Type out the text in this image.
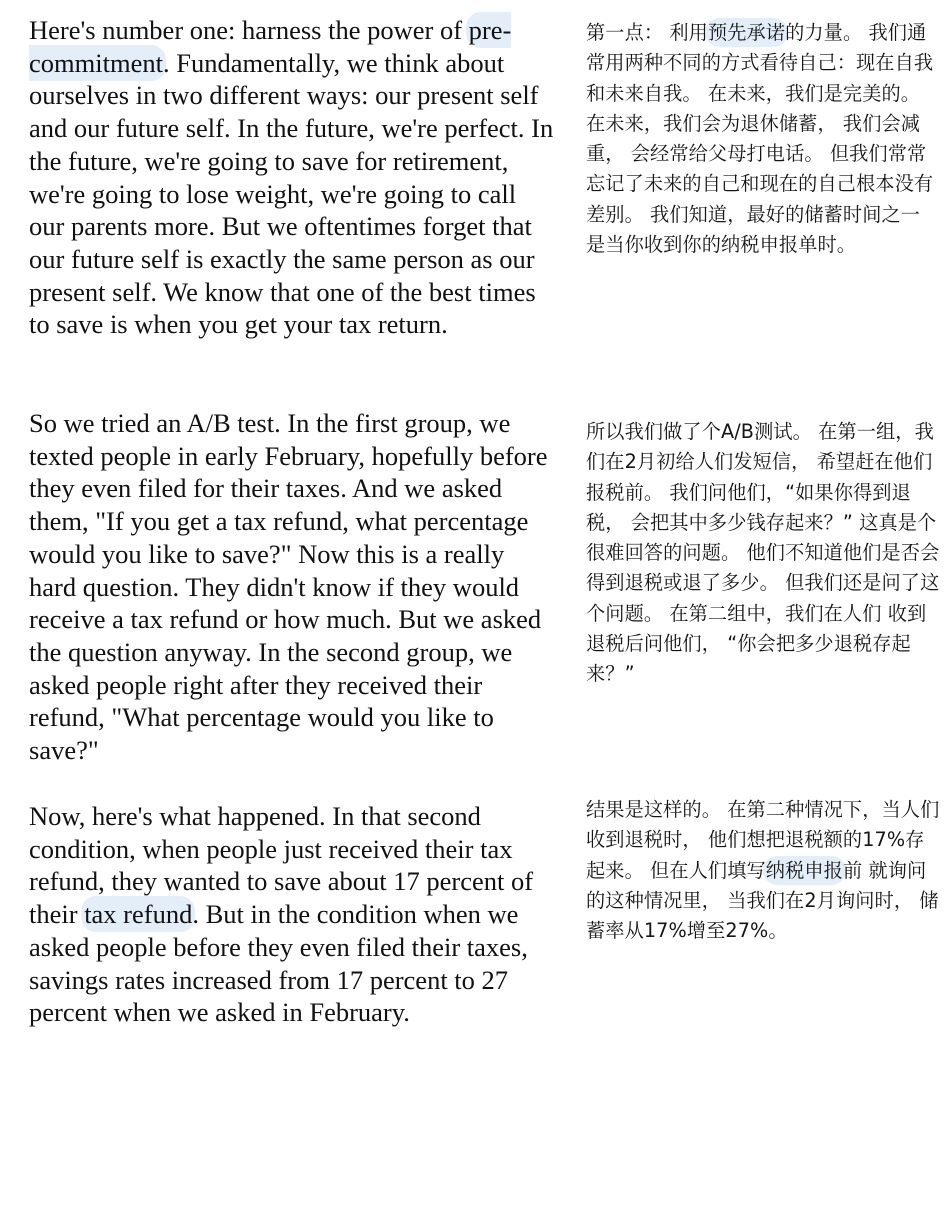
Here's number one: harness the power of pre-commitment. Fundamentally, we think about ourselves in two different ways: our present self and our future self. In the future, we're perfect. In the future, we're going to save for retirement, we're going to lose weight, we're going to call our parents more. But we oftentimes forget that our future self is exactly the same person as our present self. We know that one of the best times to save is when you get your tax return.

So we tried an A/B test. In the first group, we texted people in early February, hopefully before they even filed for their taxes. And we asked them, "If you get a tax refund, what percentage would you like to save?" Now this is a really hard question. They didn't know if they would receive a tax refund or how much. But we asked the question anyway. In the second group, we asked people right after they received their refund, "What percentage would you like to save?"

Now, here's what happened. In that second condition, when people just received their tax refund, they wanted to save about 17 percent of their tax refund. But in the condition when we asked people before they even filed their taxes, savings rates increased from 17 percent to 27 percent when we asked in February.

第一点： 利用预先承诺的力量。 我们通常用两种不同的方式看待自己：现在自我和未来自我。 在未来，我们是完美的。 在未来，我们会为退休储蓄， 我们会减重， 会经常给父母打电话。 但我们常常忘记了未来的自己和现在的自己根本没有差别。 我们知道，最好的储蓄时间之一 是当你收到你的纳税申报单时。

所以我们做了个A/B测试。 在第一组，我们在2月初给人们发短信， 希望赶在他们报税前。 我们问他们，“如果你得到退税， 会把其中多少钱存起来？” 这真是个很难回答的问题。 他们不知道他们是否会 得到退税或退了多少。 但我们还是问了这个问题。 在第二组中，我们在人们 收到退税后问他们， “你会把多少退税存起来？”

结果是这样的。 在第二种情况下，当人们收到退税时， 他们想把退税额的17%存起来。 但在人们填写纳税申报前 就询问的这种情况里， 当我们在2月询问时， 储蓄率从17%增至27%。
